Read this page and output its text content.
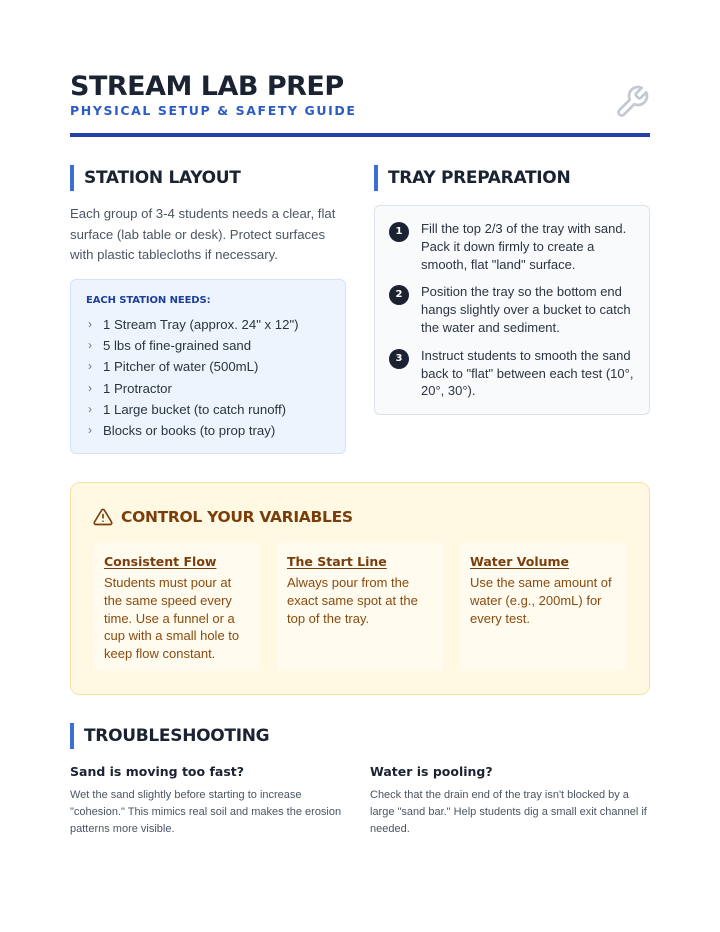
STREAM LAB PREP
PHYSICAL SETUP & SAFETY GUIDE
STATION LAYOUT
Each group of 3-4 students needs a clear, flat surface (lab table or desk). Protect surfaces with plastic tablecloths if necessary.
EACH STATION NEEDS:
› 1 Stream Tray (approx. 24" x 12")
› 5 lbs of fine-grained sand
› 1 Pitcher of water (500mL)
› 1 Protractor
› 1 Large bucket (to catch runoff)
› Blocks or books (to prop tray)
TRAY PREPARATION
1	Fill the top 2/3 of the tray with sand. Pack it down firmly to create a smooth, flat "land" surface.
2	Position the tray so the bottom end hangs slightly over a bucket to catch the water and sediment.
3	Instruct students to smooth the sand back to "flat" between each test (10°, 20°, 30°).
CONTROL YOUR VARIABLES
Consistent Flow
Students must pour at the same speed every time. Use a funnel or a cup with a small hole to keep flow constant.
The Start Line
Always pour from the exact same spot at the top of the tray.
Water Volume
Use the same amount of water (e.g., 200mL) for every test.
TROUBLESHOOTING
Sand is moving too fast?
Wet the sand slightly before starting to increase "cohesion." This mimics real soil and makes the erosion patterns more visible.
Water is pooling?
Check that the drain end of the tray isn't blocked by a large "sand bar." Help students dig a small exit channel if needed.
